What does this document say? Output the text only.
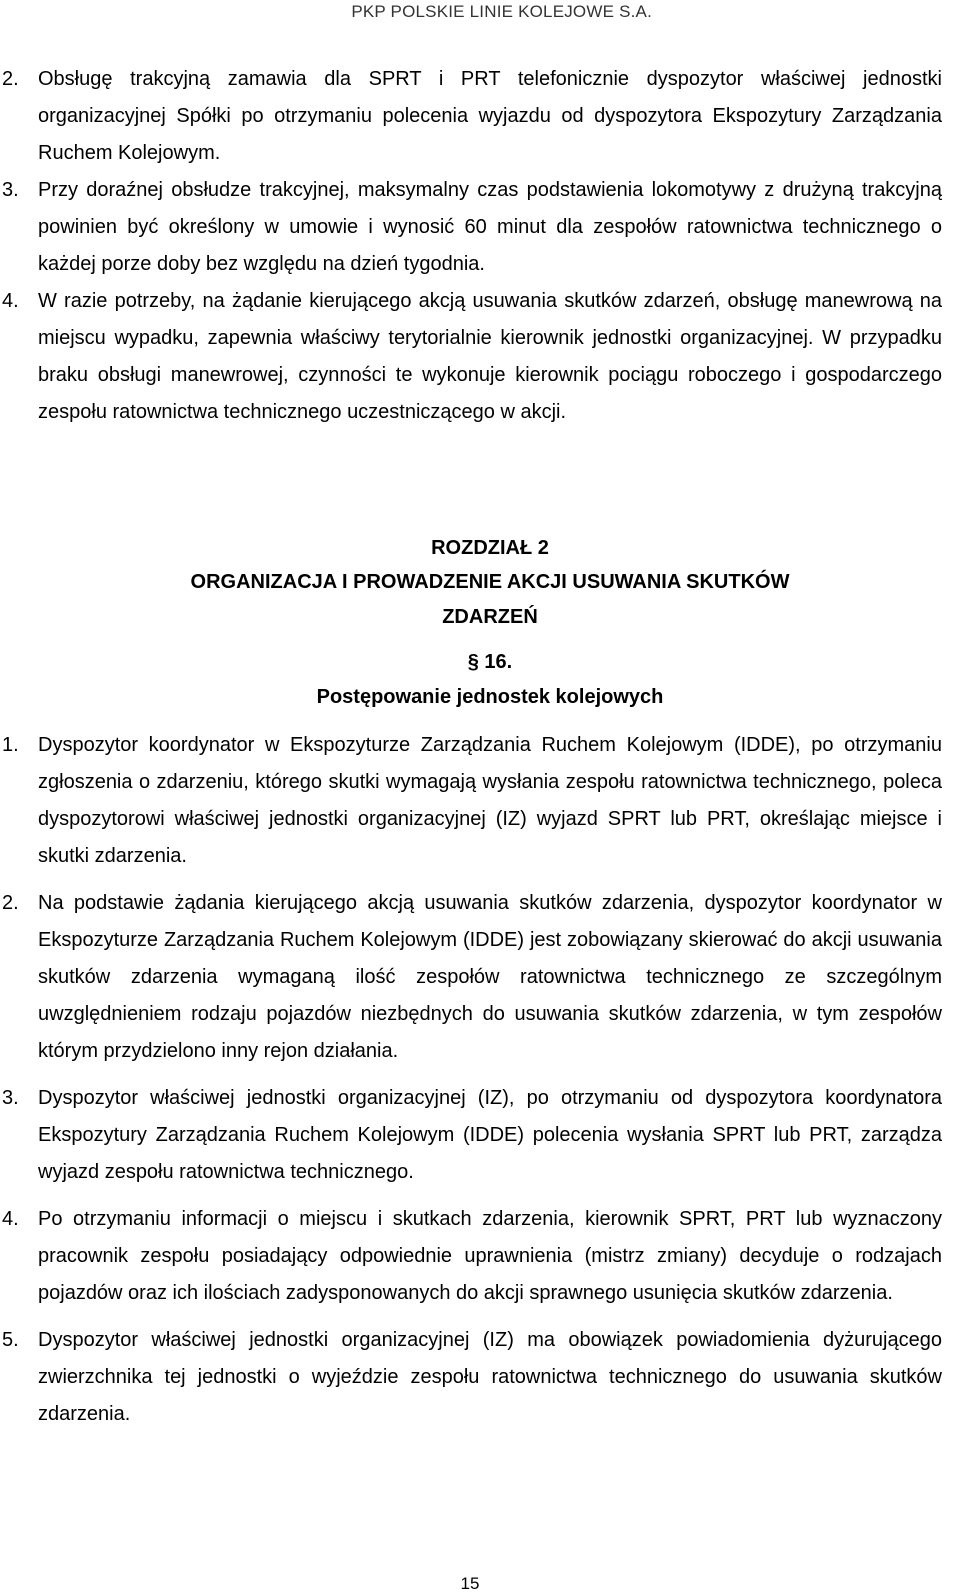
PKP POLSKIE LINIE KOLEJOWE S.A.
2. Obsługę trakcyjną zamawia dla SPRT i PRT telefonicznie dyspozytor właściwej jednostki organizacyjnej Spółki po otrzymaniu polecenia wyjazdu od dyspozytora Ekspozytury Zarządzania Ruchem Kolejowym.
3. Przy doraźnej obsłudze trakcyjnej, maksymalny czas podstawienia lokomotywy z drużyną trakcyjną powinien być określony w umowie i wynosić 60 minut dla zespołów ratownictwa technicznego o każdej porze doby bez względu na dzień tygodnia.
4. W razie potrzeby, na żądanie kierującego akcją usuwania skutków zdarzeń, obsługę manewrową na miejscu wypadku, zapewnia właściwy terytorialnie kierownik jednostki organizacyjnej. W przypadku braku obsługi manewrowej, czynności te wykonuje kierownik pociągu roboczego i gospodarczego zespołu ratownictwa technicznego uczestniczącego w akcji.
ROZDZIAŁ 2
ORGANIZACJA I PROWADZENIE AKCJI USUWANIA SKUTKÓW
ZDARZEŃ
§ 16.
Postępowanie jednostek kolejowych
1. Dyspozytor koordynator w Ekspozyturze Zarządzania Ruchem Kolejowym (IDDE), po otrzymaniu zgłoszenia o zdarzeniu, którego skutki wymagają wysłania zespołu ratownictwa technicznego, poleca dyspozytorowi właściwej jednostki organizacyjnej (IZ) wyjazd SPRT lub PRT, określając miejsce i skutki zdarzenia.
2. Na podstawie żądania kierującego akcją usuwania skutków zdarzenia, dyspozytor koordynator w Ekspozyturze Zarządzania Ruchem Kolejowym (IDDE) jest zobowiązany skierować do akcji usuwania skutków zdarzenia wymaganą ilość zespołów ratownictwa technicznego ze szczególnym uwzględnieniem rodzaju pojazdów niezbędnych do usuwania skutków zdarzenia, w tym zespołów którym przydzielono inny rejon działania.
3. Dyspozytor właściwej jednostki organizacyjnej (IZ), po otrzymaniu od dyspozytora koordynatora Ekspozytury Zarządzania Ruchem Kolejowym (IDDE) polecenia wysłania SPRT lub PRT, zarządza wyjazd zespołu ratownictwa technicznego.
4. Po otrzymaniu informacji o miejscu i skutkach zdarzenia, kierownik SPRT, PRT lub wyznaczony pracownik zespołu posiadający odpowiednie uprawnienia (mistrz zmiany) decyduje o rodzajach pojazdów oraz ich ilościach zadysponowanych do akcji sprawnego usunięcia skutków zdarzenia.
5. Dyspozytor właściwej jednostki organizacyjnej (IZ) ma obowiązek powiadomienia dyżurującego zwierzchnika tej jednostki o wyjeździe zespołu ratownictwa technicznego do usuwania skutków zdarzenia.
15
